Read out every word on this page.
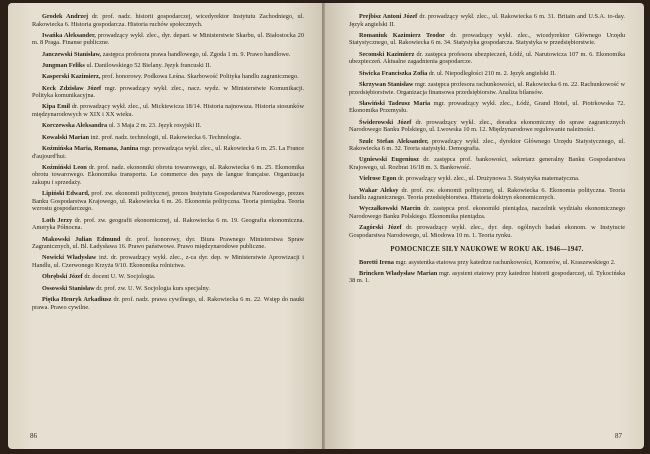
Grodek Andrzej dr. prof. nadz. historii gospodarczej, wicedyrektor Instytutu Zachodniego, ul. Rakowiecka 6. Historia gospodarcza. Historia ruchów społecznych.

Iwańka Aleksander, prowadzący wykł. zlec., dyr. depart. w Ministerstwie Skarbu, ul. Białostocka 20 m. 8 Praga. Finanse publiczne.

Janczewski Stanisław, zastępca profesora prawa handlowego, ul. Zgoda 1 m. 9. Prawo handlowe.

Jungman Feliks ul. Danilowskiego 52 Bielany. Język francuski II.

Kasperski Kazimierz, prof. honorowy. Podkowa Leśna. Skarbowość Polityka handlu zagranicznego.

Keck Zdzisław Józef mgr. prowadzący wykł. zlec., nacz. wydz. w Ministerstwie Komunikacji. Polityka komunikacyjna.

Kipa Emil dr. prowadzący wykł. zlec., ul. Mickiewicza 18/14. Historia najnowsza. Historia stosunków międzynarodowych w XIX i XX wieku.

Korczewska Aleksandra ul. 3 Maja 2 m. 23. Język rosyjski II.

Kowalski Marian inż. prof. nadz. technologii, ul. Rakowiecka 6. Technologia.

Koźmińska Maria, Romana, Janina mgr. prowadząca wykł. zlec., ul. Rakowiecka 6 m. 25. La France d'aujourd'hui.

Koźmiński Leon dr. prof. nadz. ekonomiki obrotu towarowego, ul. Rakowiecka 6 m. 25. Ekonomika obrotu towarowego. Ekonomika transportu. Le commerce des pays de langue française. Organizacja zakupu i sprzedaży.

Lipiński Edward, prof. zw. ekonomii politycznej, prezes Instytutu Gospodarstwa Narodowego, prezes Banku Gospodarstwa Krajowego, ul. Rakowiecka 6 m. 26. Ekonomia polityczna. Teoria pieniądza. Teoria wzrostu gospodarczego.

Loth Jerzy dr. prof. zw. geografii ekonomicznej, ul. Rakowiecka 6 m. 19. Geografia ekonomiczna. Ameryka Północna.

Makowski Julian Edmund dr. prof. honorowy, dyr. Biura Prawnego Ministerstwa Spraw Zagranicznych, ul. Bl. Ładysława 16. Prawo państwowe. Prawo międzynarodowe publiczne.

Nowicki Władysław inż. dr. prowadzący wykł. zlec., z-ca dyr. dep. w Ministerstwie Aprowizacji i Handlu, ul. Czerwonego Krzyża 9/10. Ekonomika rolnictwa.

Obrębski Józef dr. docent U. W. Socjologia.

Ossowski Stanisław dr. prof. zw. U. W. Socjologia kurs specjalny.

Piętka Henryk Arkadiusz dr. prof. nadz. prawa cywilnego, ul. Rakowiecka 6 m. 22. Wstęp do nauki prawa. Prawo cywilne.

86

Prejbisz Antoni Józef dr. prowadzący wykł. zlec., ul. Rakowiecka 6 m. 31. Britain and U.S.A. to-day. Język angielski II.

Romaniuk Kazimierz Teodor dr. prowadzący wykł. zlec., wicedyrektor Głównego Urzędu Statystycznego, ul. Rakowiecka 6 m. 34. Statystyka gospodarcza. Statystyka w przedsiębiorstwie.

Secomski Kazimierz dr. zastępca profesora ubezpieczeń, Łódź, ul. Narutowicza 107 m. 6. Ekonomika ubezpieczeń. Aktualne zagadnienia gospodarcze.

Siwicka Franciszka Zofia dr. ul. Niepodległości 210 m. 2. Język angielski II.

Skrzywan Stanisław mgr. zastępca profesora rachunkowości, ul. Rakowiecka 6 m. 22. Rachunkowość w przedsiębiorstwie. Organizacja finansowa przedsiębiorstw. Analiza bilansów.

Sławiński Tadeusz Maria mgr. prowadzący wykł. zlec., Łódź, Grand Hotel, ul. Piotrkowska 72. Ekonomika Przemysłu.

Świderowski Józef dr. prowadzący wykł. zlec., doradca ekonomiczny do spraw zagranicznych Narodowego Banku Polskiego, ul. Lwowska 10 m. 12. Międzynarodowe regulowanie należności.

Szulc Stefan Aleksander, prowadzący wykł. zlec., dyrektor Głównego Urzędu Statystycznego, ul. Rakowiecka 6 m. 32. Teoria statystyki. Demografia.

Ugniewski Eugeniusz dr. zastępca prof. bankowości, sekretarz generalny Banku Gospodarstwa Krajowego, ul. Rozbrat 16/18 m. 3. Bankowość.

Vielrose Egon dr. prowadzący wykł. zlec., ul. Drużynowa 3. Statystyka matematyczna.

Wakar Aleksy dr. prof. zw. ekonomii politycznej, ul. Rakowiecka 6. Ekonomia polityczna. Teoria handlu zagranicznego. Teoria przedsiębiorstwa. Historia doktryn ekonomicznych.

Wyczałkowski Marcin dr. zastępca prof. ekonomiki pieniądza, naczelnik wydziału ekonomicznego Narodowego Banku Polskiego. Ekonomika pieniądza.

Zagórski Józef dr. prowadzący wykł. zlec., dyr. dep. ogólnych badań ekonom. w Instytucie Gospodarstwa Narodowego, ul. Miodowa 10 m. 1. Teoria rynku.

POMOCNICZE SIŁY NAUKOWE W ROKU AK. 1946—1947.

Boretti Irena mgr. asystentka etatowa przy katedrze rachunkowości, Komorów, ul. Kraszewskiego 2.

Brincken Władysław Marian mgr. asystent etatowy przy katedrze historii gospodarczej, ul. Tykocińska 38 m. 1.

87
